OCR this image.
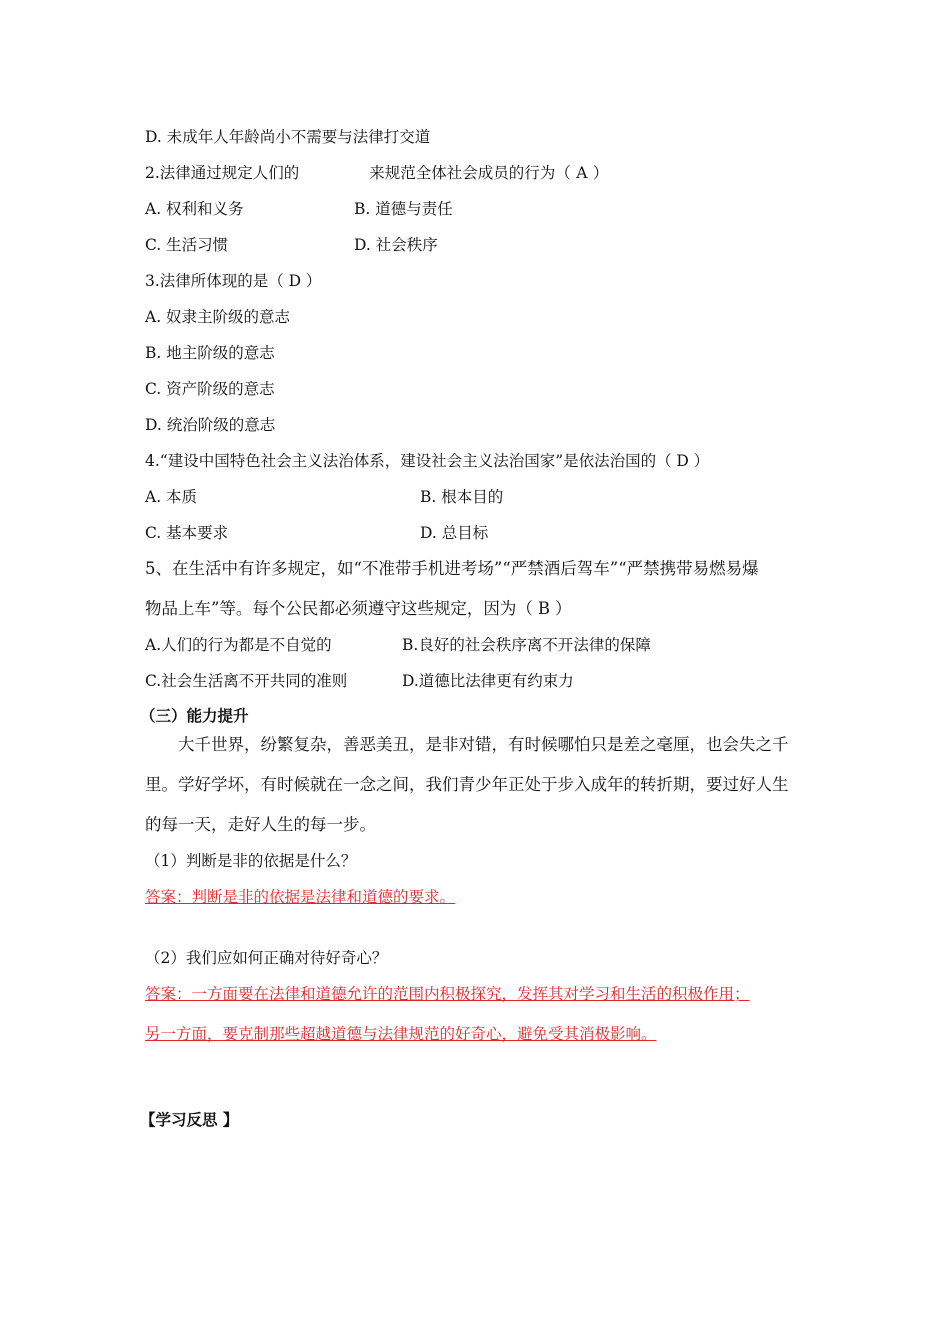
D. 未成年人年龄尚小不需要与法律打交道
2.法律通过规定人们的	来规范全体社会成员的行为（ A ）
A. 权利和义务	B. 道德与责任
C. 生活习惯	D. 社会秩序
3.法律所体现的是（ D ）
A. 奴隶主阶级的意志
B. 地主阶级的意志
C. 资产阶级的意志
D. 统治阶级的意志
4.“建设中国特色社会主义法治体系，建设社会主义法治国家”是依法治国的（ D ）
A. 本质	B. 根本目的
C. 基本要求	D. 总目标
5、在生活中有许多规定，如“不准带手机进考场”“严禁酒后驾车”“严禁携带易燃易爆
物品上车”等。每个公民都必须遵守这些规定，因为（ B ）
A.人们的行为都是不自觉的	B.良好的社会秩序离不开法律的保障
C.社会生活离不开共同的准则	D.道德比法律更有约束力
（三）能力提升
大千世界，纷繁复杂，善恶美丑，是非对错，有时候哪怕只是差之毫厘，也会失之千
里。学好学坏，有时候就在一念之间，我们青少年正处于步入成年的转折期，要过好人生
的每一天，走好人生的每一步。
（1）判断是非的依据是什么？
答案：判断是非的依据是法律和道德的要求。
（2）我们应如何正确对待好奇心？
答案：一方面要在法律和道德允许的范围内积极探究，发挥其对学习和生活的积极作用；
另一方面，要克制那些超越道德与法律规范的好奇心，避免受其消极影响。
【学习反思 】
